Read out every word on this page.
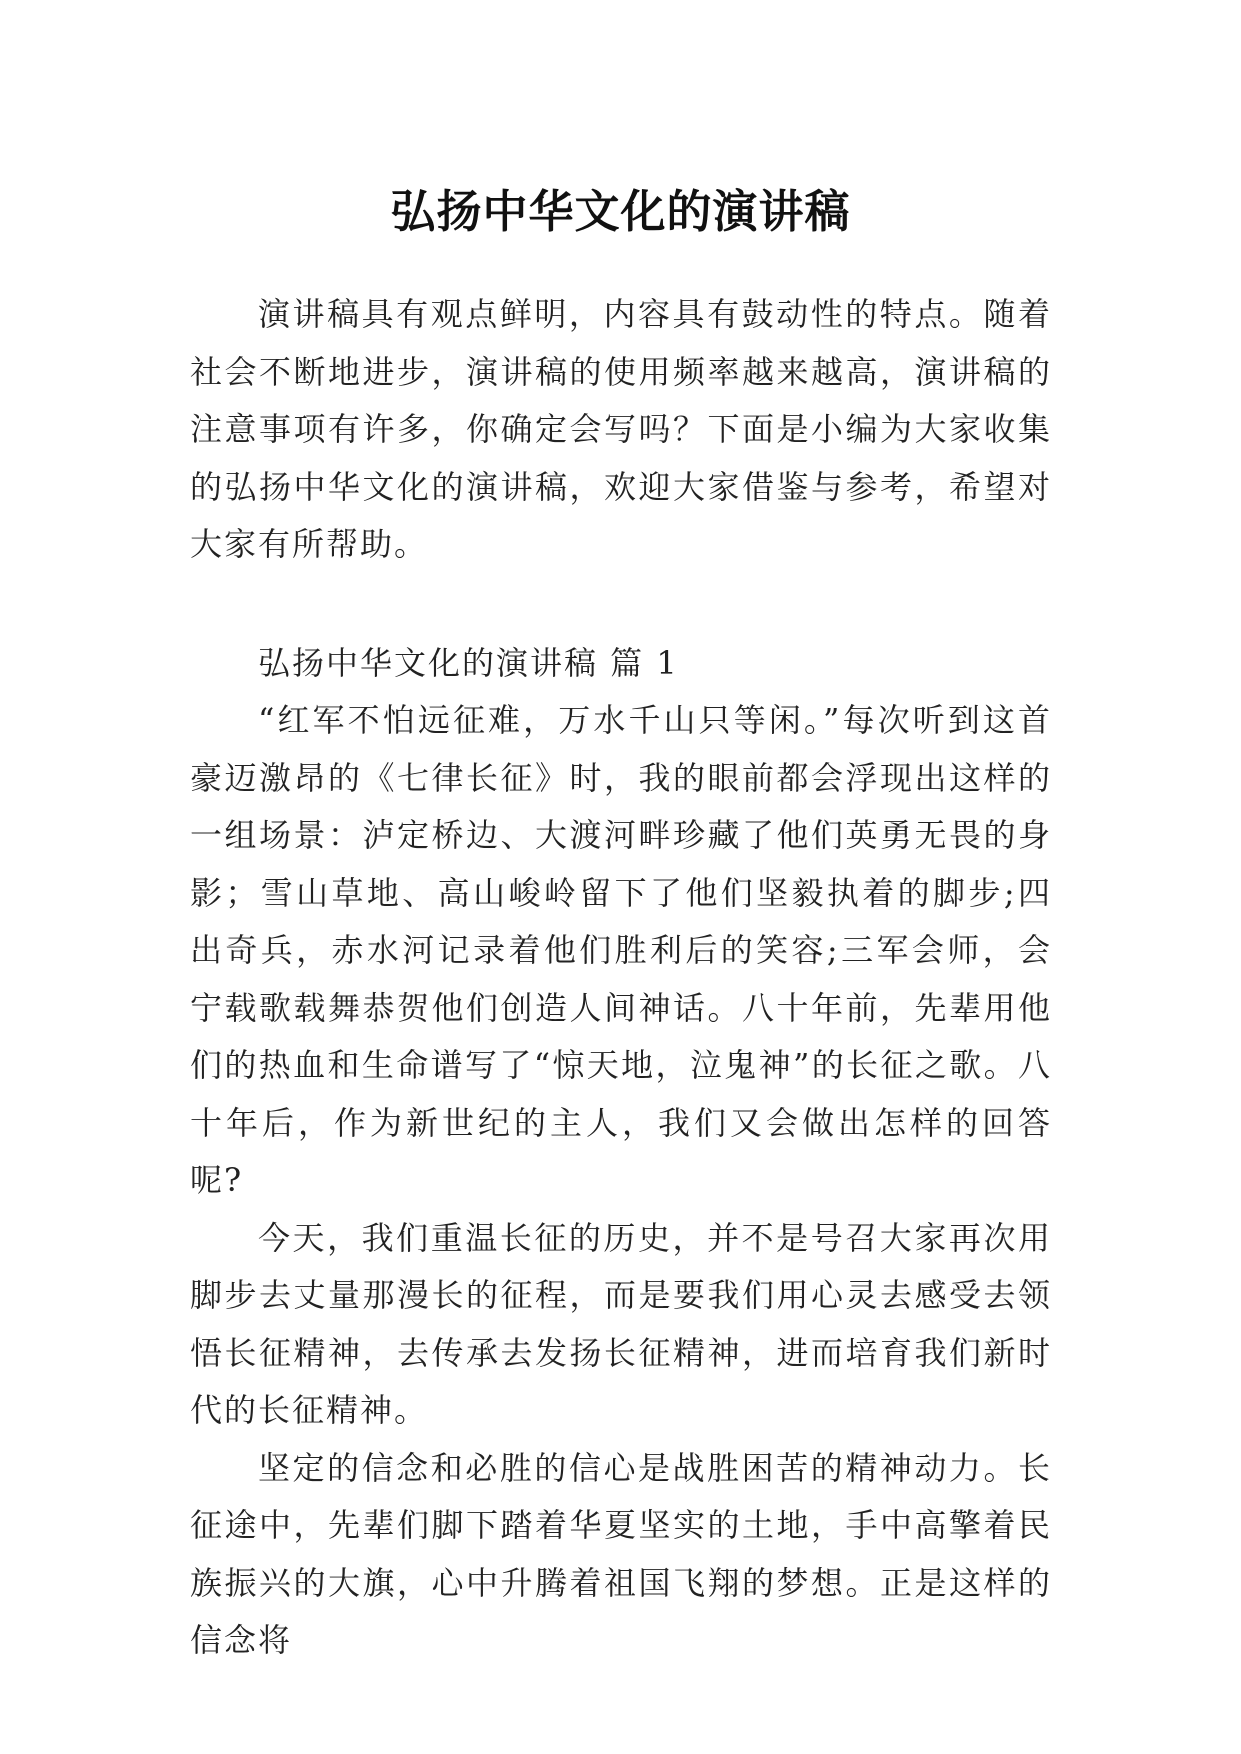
弘扬中华文化的演讲稿

演讲稿具有观点鲜明，内容具有鼓动性的特点。随着社会不断地进步，演讲稿的使用频率越来越高，演讲稿的注意事项有许多，你确定会写吗？下面是小编为大家收集的弘扬中华文化的演讲稿，欢迎大家借鉴与参考，希望对大家有所帮助。

弘扬中华文化的演讲稿 篇 1

“红军不怕远征难，万水千山只等闲。”每次听到这首豪迈激昂的《七律长征》时，我的眼前都会浮现出这样的一组场景：泸定桥边、大渡河畔珍藏了他们英勇无畏的身影；雪山草地、高山峻岭留下了他们坚毅执着的脚步;四出奇兵，赤水河记录着他们胜利后的笑容;三军会师，会宁载歌载舞恭贺他们创造人间神话。八十年前，先辈用他们的热血和生命谱写了“惊天地，泣鬼神”的长征之歌。八十年后，作为新世纪的主人，我们又会做出怎样的回答呢?

今天，我们重温长征的历史，并不是号召大家再次用脚步去丈量那漫长的征程，而是要我们用心灵去感受去领悟长征精神，去传承去发扬长征精神，进而培育我们新时代的长征精神。

坚定的信念和必胜的信心是战胜困苦的精神动力。长征途中，先辈们脚下踏着华夏坚实的土地，手中高擎着民族振兴的大旗，心中升腾着祖国飞翔的梦想。正是这样的信念将
